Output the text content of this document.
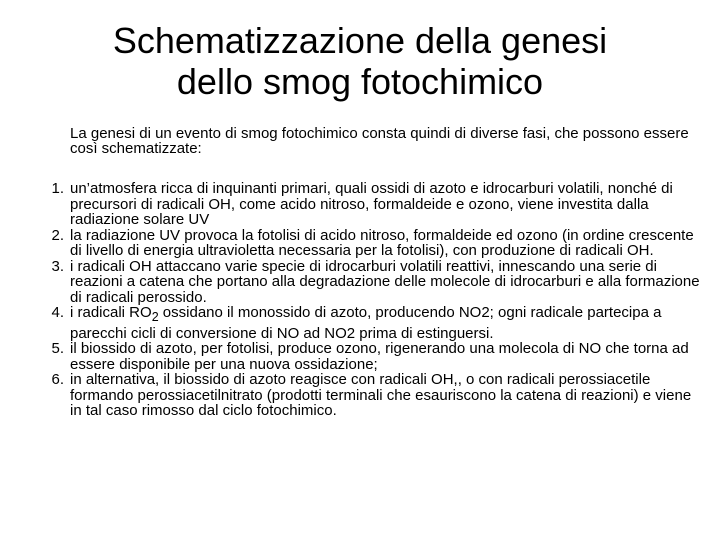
Schematizzazione della genesi
dello smog fotochimico
La genesi di un evento di smog fotochimico consta quindi di diverse fasi, che possono essere così schematizzate:
1. un’atmosfera ricca di inquinanti primari, quali ossidi di azoto e idrocarburi volatili, nonché di precursori di radicali OH, come acido nitroso, formaldeide e ozono, viene investita dalla radiazione solare UV
2. la radiazione UV provoca la fotolisi di acido nitroso, formaldeide ed ozono (in ordine crescente di livello di energia ultravioletta necessaria per la fotolisi), con produzione di radicali OH.
3. i radicali OH attaccano varie specie di idrocarburi volatili reattivi, innescando una serie di reazioni a catena che portano alla degradazione delle molecole di idrocarburi e alla formazione di radicali perossido.
4. i radicali $RO_2$ ossidano il monossido di azoto, producendo NO2; ogni radicale partecipa a parecchi cicli di conversione di NO ad NO2 prima di estinguersi.
5. il biossido di azoto, per fotolisi, produce ozono, rigenerando una molecola di NO che torna ad essere disponibile per una nuova ossidazione;
6. in alternativa, il biossido di azoto reagisce con radicali OH,, o con radicali perossiacetile formando perossiacetilnitrato (prodotti terminali che esauriscono la catena di reazioni) e viene in tal caso rimosso dal ciclo fotochimico.
